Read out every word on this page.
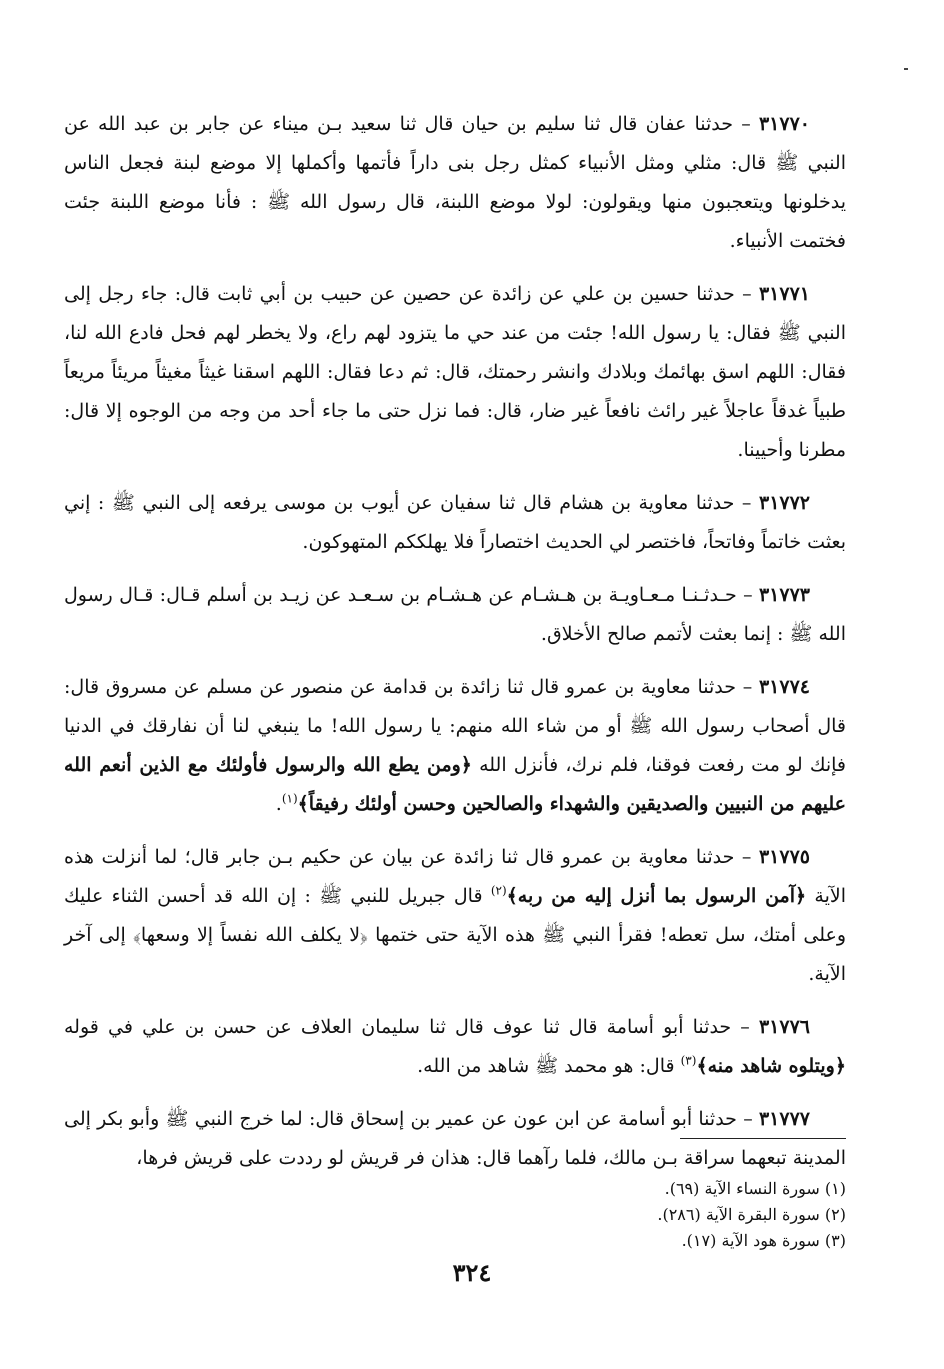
٣١٧٧٠ – حدثنا عفان قال ثنا سليم بن حيان قال ثنا سعيد بـن ميناء عن جابر بن عبد الله عن النبي ﷺ قال: مثلي ومثل الأنبياء كمثل رجل بنى داراً فأتمها وأكملها إلا موضع لبنة فجعل الناس يدخلونها ويتعجبون منها ويقولون: لولا موضع اللبنة، قال رسول الله ﷺ : فأنا موضع اللبنة جئت فختمت الأنبياء.

٣١٧٧١ – حدثنا حسين بن علي عن زائدة عن حصين عن حبيب بن أبي ثابت قال: جاء رجل إلى النبي ﷺ فقال: يا رسول الله! جئت من عند حي ما يتزود لهم راع، ولا يخطر لهم فحل فادع الله لنا، فقال: اللهم اسق بهائمك وبلادك وانشر رحمتك، قال: ثم دعا فقال: اللهم اسقنا غيثاً مغيثاً مريئاً مريعاً طبياً غدقاً عاجلاً غير رائث نافعاً غير ضار، قال: فما نزل حتى ما جاء أحد من وجه من الوجوه إلا قال: مطرنا وأحيينا.

٣١٧٧٢ – حدثنا معاوية بن هشام قال ثنا سفيان عن أيوب بن موسى يرفعه إلى النبي ﷺ : إني بعثت خاتماً وفاتحاً، فاختصر لي الحديث اختصاراً فلا يهلككم المتهوكون.

٣١٧٧٣ – حـدثـنـا مـعـاويـة بن هـشـام عن هـشـام بن سـعـد عن زيـد بن أسلم قـال: قـال رسول الله ﷺ : إنما بعثت لأتمم صالح الأخلاق.

٣١٧٧٤ – حدثنا معاوية بن عمرو قال ثنا زائدة بن قدامة عن منصور عن مسلم عن مسروق قال: قال أصحاب رسول الله ﷺ أو من شاء الله منهم: يا رسول الله! ما ينبغي لنا أن نفارقك في الدنيا فإنك لو مت رفعت فوقنا، فلم نرك، فأنزل الله ﴿ومن يطع الله والرسول فأولئك مع الذين أنعم الله عليهم من النبيين والصديقين والشهداء والصالحين وحسن أولئك رفيقاً﴾$^{(١)}$.

٣١٧٧٥ – حدثنا معاوية بن عمرو قال ثنا زائدة عن بيان عن حكيم بـن جابر قال؛ لما أنزلت هذه الآية ﴿آمن الرسول بما أنزل إليه من ربه﴾$^{(٢)}$ قال جبريل للنبي ﷺ : إن الله قد أحسن الثناء عليك وعلى أمتك، سل تعطه! فقرأ النبي ﷺ هذه الآية حتى ختمها ﴿لا يكلف الله نفساً إلا وسعها﴾ إلى آخر الآية.

٣١٧٧٦ – حدثنا أبو أسامة قال ثنا عوف قال ثنا سليمان العلاف عن حسن بن علي في قوله ﴿ويتلوه شاهد منه﴾$^{(٣)}$ قال: هو محمد ﷺ شاهد من الله.

٣١٧٧٧ – حدثنا أبو أسامة عن ابن عون عن عمير بن إسحاق قال: لما خرج النبي ﷺ وأبو بكر إلى المدينة تبعهما سراقة بـن مالك، فلما رآهما قال: هذان فر قريش لو رددت على قريش فرها،

(١) سورة النساء الآية (٦٩).

(٢) سورة البقرة الآية (٢٨٦).

(٣) سورة هود الآية (١٧).

٣٢٤
